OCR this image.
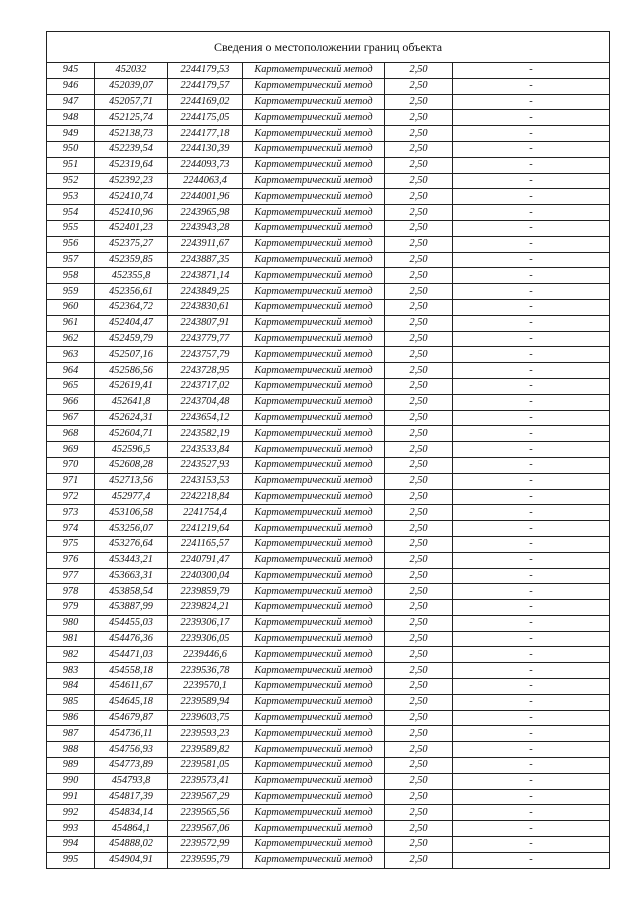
Сведения о местоположении границ объекта					
945	452032	2244179,53	Картометрический метод	2,50	-
946	452039,07	2244179,57	Картометрический метод	2,50	-
947	452057,71	2244169,02	Картометрический метод	2,50	-
948	452125,74	2244175,05	Картометрический метод	2,50	-
949	452138,73	2244177,18	Картометрический метод	2,50	-
950	452239,54	2244130,39	Картометрический метод	2,50	-
951	452319,64	2244093,73	Картометрический метод	2,50	-
952	452392,23	2244063,4	Картометрический метод	2,50	-
953	452410,74	2244001,96	Картометрический метод	2,50	-
954	452410,96	2243965,98	Картометрический метод	2,50	-
955	452401,23	2243943,28	Картометрический метод	2,50	-
956	452375,27	2243911,67	Картометрический метод	2,50	-
957	452359,85	2243887,35	Картометрический метод	2,50	-
958	452355,8	2243871,14	Картометрический метод	2,50	-
959	452356,61	2243849,25	Картометрический метод	2,50	-
960	452364,72	2243830,61	Картометрический метод	2,50	-
961	452404,47	2243807,91	Картометрический метод	2,50	-
962	452459,79	2243779,77	Картометрический метод	2,50	-
963	452507,16	2243757,79	Картометрический метод	2,50	-
964	452586,56	2243728,95	Картометрический метод	2,50	-
965	452619,41	2243717,02	Картометрический метод	2,50	-
966	452641,8	2243704,48	Картометрический метод	2,50	-
967	452624,31	2243654,12	Картометрический метод	2,50	-
968	452604,71	2243582,19	Картометрический метод	2,50	-
969	452596,5	2243533,84	Картометрический метод	2,50	-
970	452608,28	2243527,93	Картометрический метод	2,50	-
971	452713,56	2243153,53	Картометрический метод	2,50	-
972	452977,4	2242218,84	Картометрический метод	2,50	-
973	453106,58	2241754,4	Картометрический метод	2,50	-
974	453256,07	2241219,64	Картометрический метод	2,50	-
975	453276,64	2241165,57	Картометрический метод	2,50	-
976	453443,21	2240791,47	Картометрический метод	2,50	-
977	453663,31	2240300,04	Картометрический метод	2,50	-
978	453858,54	2239859,79	Картометрический метод	2,50	-
979	453887,99	2239824,21	Картометрический метод	2,50	-
980	454455,03	2239306,17	Картометрический метод	2,50	-
981	454476,36	2239306,05	Картометрический метод	2,50	-
982	454471,03	2239446,6	Картометрический метод	2,50	-
983	454558,18	2239536,78	Картометрический метод	2,50	-
984	454611,67	2239570,1	Картометрический метод	2,50	-
985	454645,18	2239589,94	Картометрический метод	2,50	-
986	454679,87	2239603,75	Картометрический метод	2,50	-
987	454736,11	2239593,23	Картометрический метод	2,50	-
988	454756,93	2239589,82	Картометрический метод	2,50	-
989	454773,89	2239581,05	Картометрический метод	2,50	-
990	454793,8	2239573,41	Картометрический метод	2,50	-
991	454817,39	2239567,29	Картометрический метод	2,50	-
992	454834,14	2239565,56	Картометрический метод	2,50	-
993	454864,1	2239567,06	Картометрический метод	2,50	-
994	454888,02	2239572,99	Картометрический метод	2,50	-
995	454904,91	2239595,79	Картометрический метод	2,50	-
